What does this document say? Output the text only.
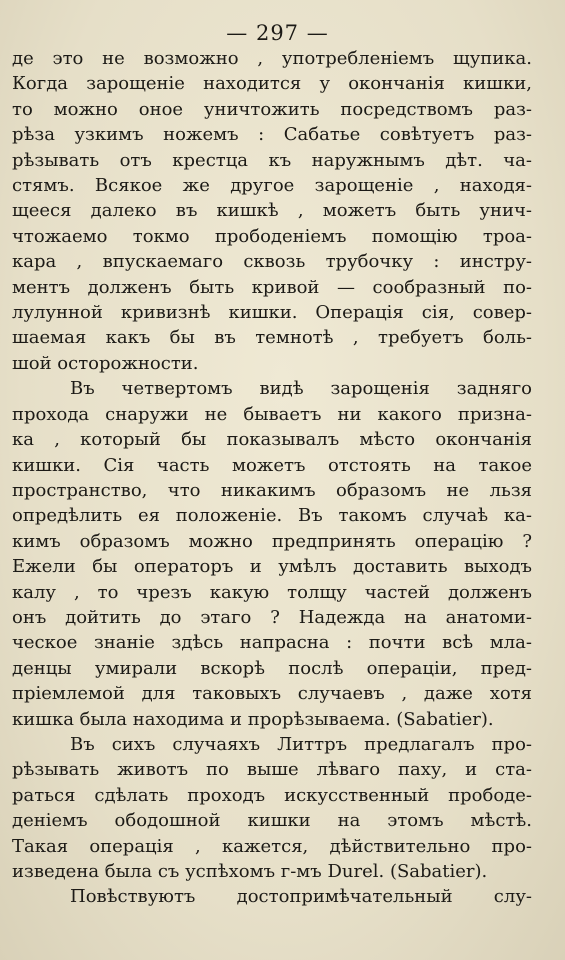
— 297 —
де это не возможно , употребленіемъ щупика.
Когда зарощеніе находится у окончанія кишки,
то можно оное уничтожить посредствомъ раз-
рѣза узкимъ ножемъ : Сабатье совѣтуетъ раз-
рѣзывать отъ крестца къ наружнымъ дѣт. ча-
стямъ. Всякое же другое зарощеніе , находя-
щееся далеко въ кишкѣ , можетъ быть унич-
чтожаемо токмо прободеніемъ помощію троа-
кара , впускаемаго сквозь трубочку : инстру-
ментъ долженъ быть кривой — сообразный по-
лулунной кривизнѣ кишки. Операція сія, совер-
шаемая какъ бы въ темнотѣ , требуетъ боль-
шой осторожности.
Въ четвертомъ видѣ зарощенія задняго
прохода снаружи не бываетъ ни какого призна-
ка , который бы показывалъ мѣсто окончанія
кишки. Сія часть можетъ отстоять на такое
пространство, что никакимъ образомъ не льзя
опредѣлить ея положеніе. Въ такомъ случаѣ ка-
кимъ образомъ можно предпринять операцію ?
Ежели бы операторъ и умѣлъ доставить выходъ
калу , то чрезъ какую толщу частей долженъ
онъ дойтить до этаго ? Надежда на анатоми-
ческое знаніе здѣсь напрасна : почти всѣ мла-
денцы умирали вскорѣ послѣ операціи, пред-
пріемлемой для таковыхъ случаевъ , даже хотя
кишка была находима и прорѣзываема. (Sabatier).
Въ сихъ случаяхъ Литтръ предлагалъ про-
рѣзывать животъ по выше лѣваго паху, и ста-
раться сдѣлать проходъ искусственный прободе-
деніемъ ободошной кишки на этомъ мѣстѣ.
Такая операція , кажется, дѣйствительно про-
изведена была съ успѣхомъ г-мъ Durel. (Sabatier).
Повѣствуютъ достопримѣчательный слу-
